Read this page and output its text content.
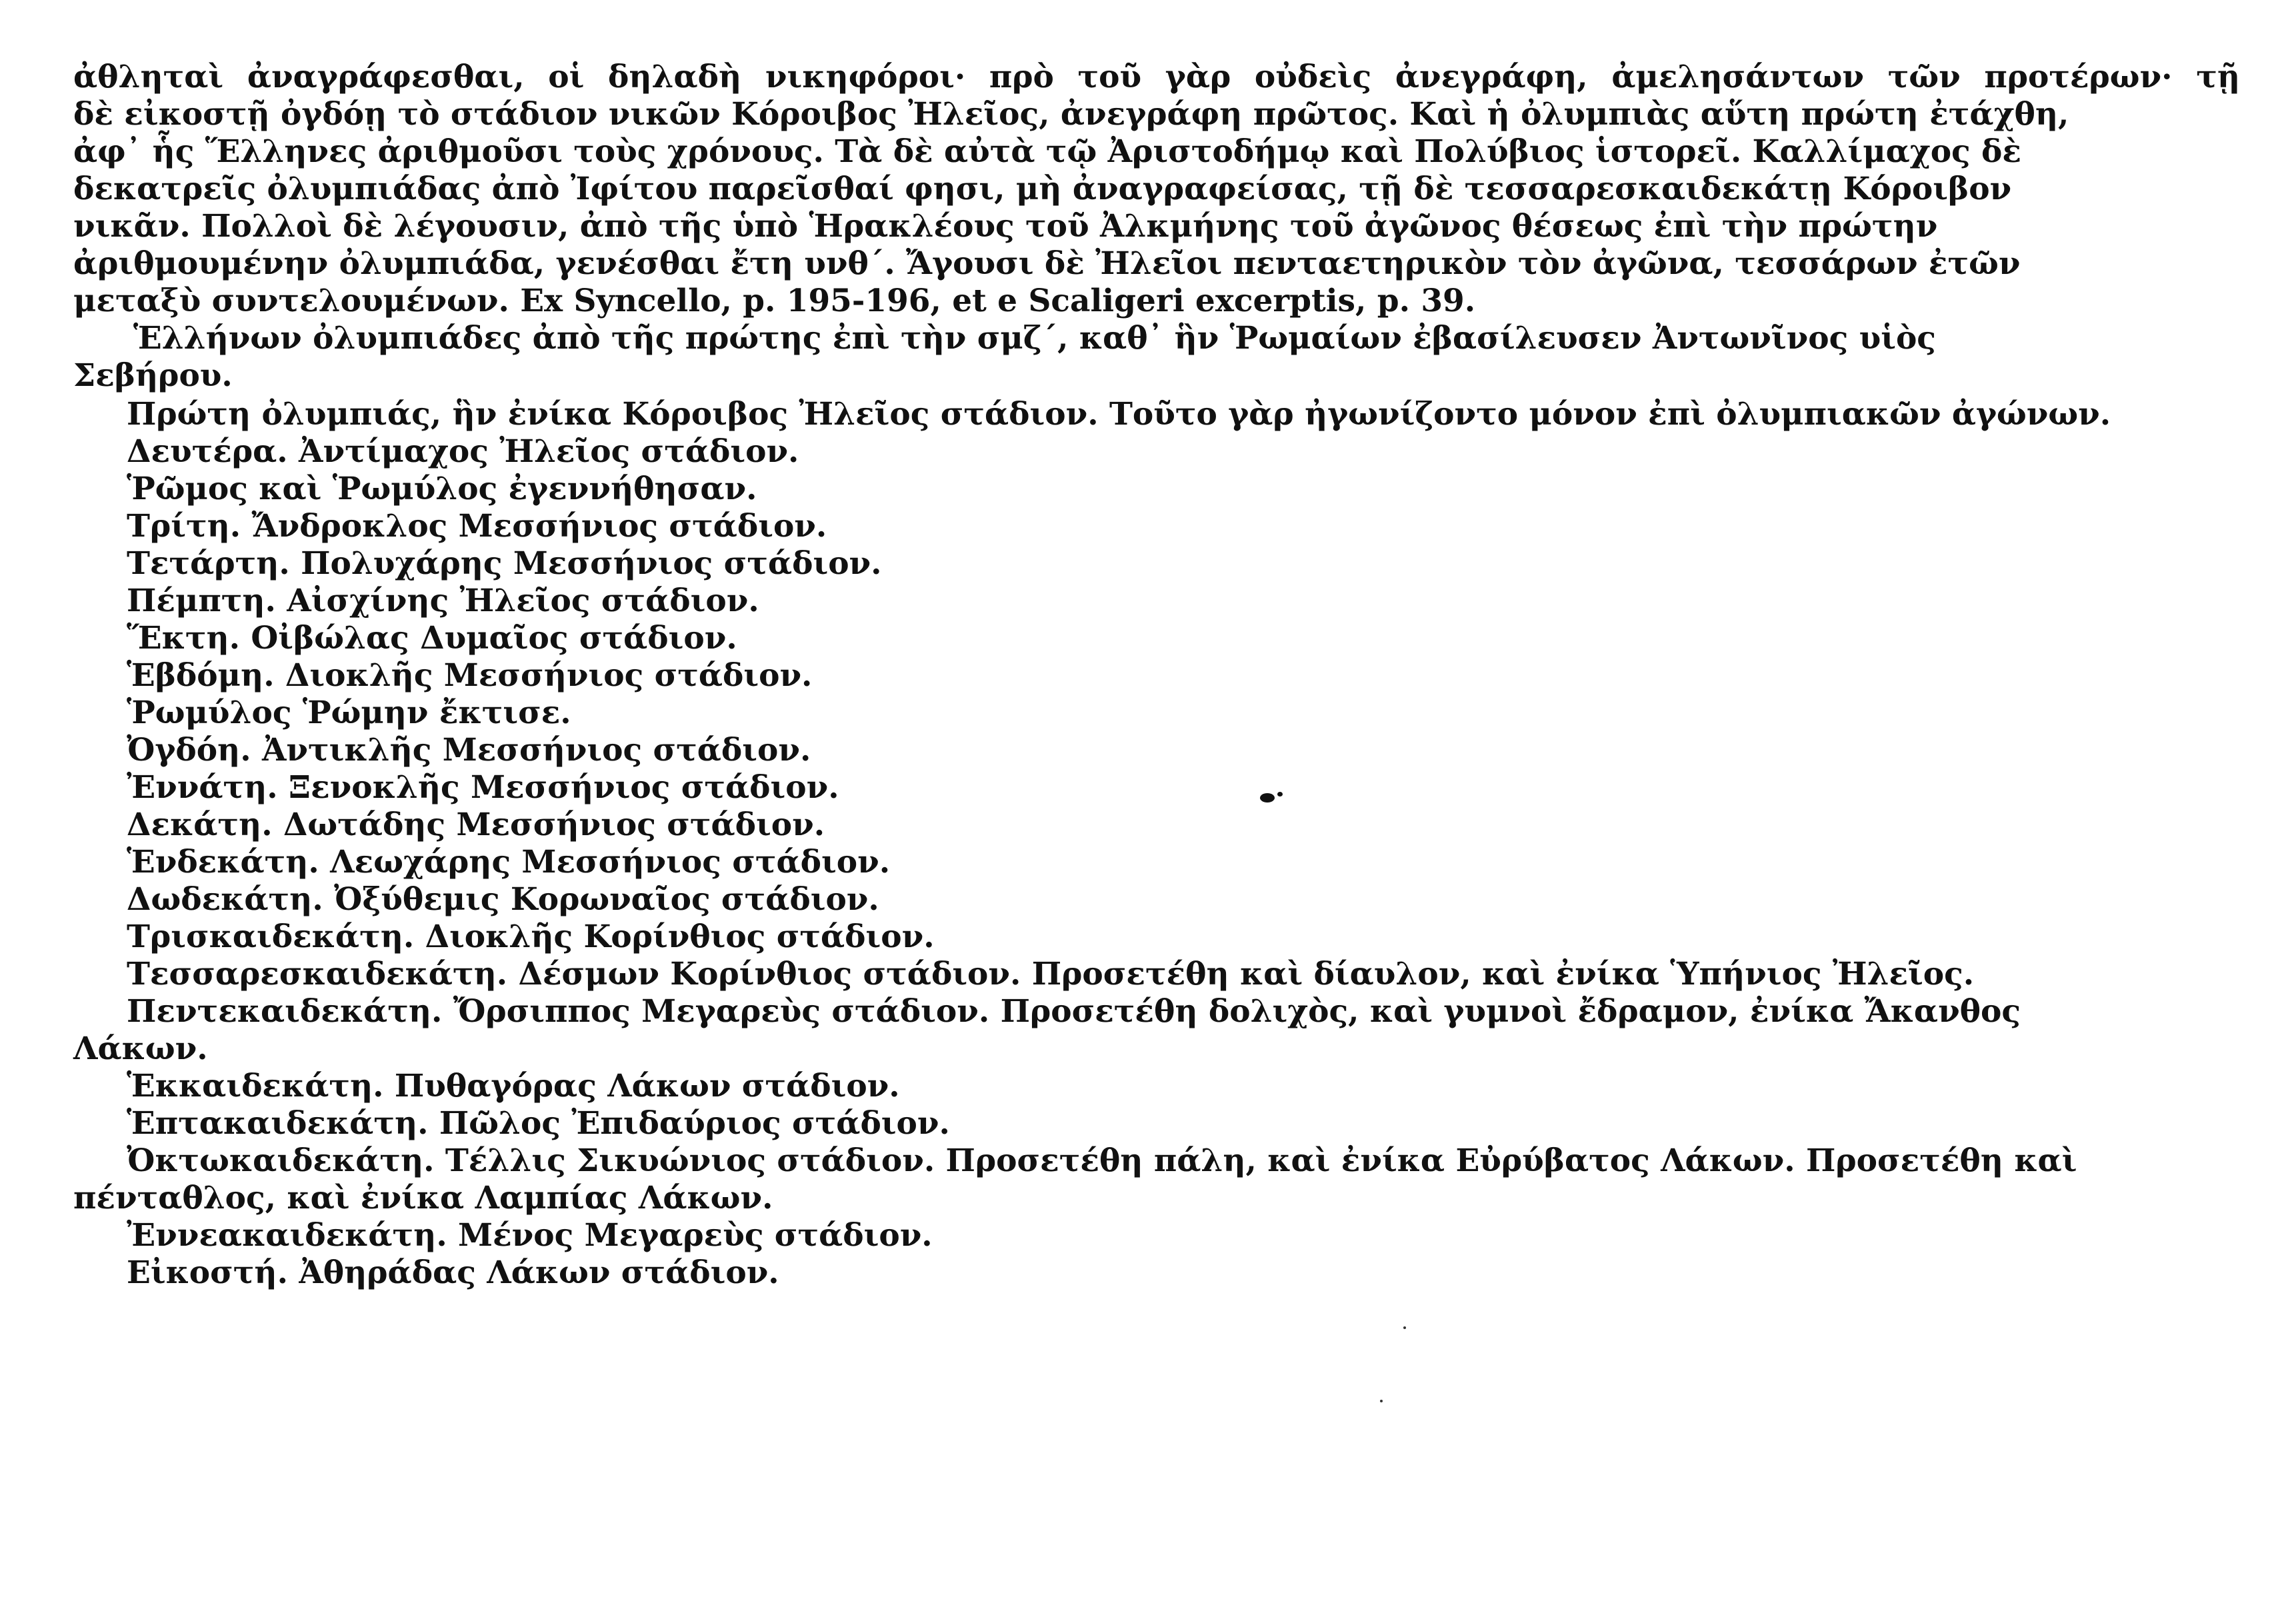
ἀθληταὶ ἀναγράφεσθαι, οἱ δηλαδὴ νικηφόροι· πρὸ τοῦ γὰρ οὐδεὶς ἀνεγράφη, ἀμελησάντων τῶν προτέρων· τῇ
δὲ εἰκοστῇ ὀγδόῃ τὸ στάδιον νικῶν Κόροιβος Ἠλεῖος, ἀνεγράφη πρῶτος. Καὶ ἡ ὀλυμπιὰς αὕτη πρώτη ἐτάχθη,
ἀφ᾽ ἧς Ἕλληνες ἀριθμοῦσι τοὺς χρόνους. Τὰ δὲ αὐτὰ τῷ Ἀριστοδήμῳ καὶ Πολύβιος ἱστορεῖ. Καλλίμαχος δὲ
δεκατρεῖς ὀλυμπιάδας ἀπὸ Ἰφίτου παρεῖσθαί φησι, μὴ ἀναγραφείσας, τῇ δὲ τεσσαρεσκαιδεκάτῃ Κόροιβον
νικᾶν. Πολλοὶ δὲ λέγουσιν, ἀπὸ τῆς ὑπὸ Ἡρακλέους τοῦ Ἀλκμήνης τοῦ ἀγῶνος θέσεως ἐπὶ τὴν πρώτην
ἀριθμουμένην ὀλυμπιάδα, γενέσθαι ἔτη υνθ΄. Ἄγουσι δὲ Ἠλεῖοι πενταετηρικὸν τὸν ἀγῶνα, τεσσάρων ἐτῶν
μεταξὺ συντελουμένων. Ex Syncello, p. 195-196, et e Scaligeri excerptis, p. 39.
Ἑλλήνων ὀλυμπιάδες ἀπὸ τῆς πρώτης ἐπὶ τὴν σμζ΄, καθ᾽ ἣν Ῥωμαίων ἐβασίλευσεν Ἀντωνῖνος υἱὸς
Σεβήρου.
Πρώτη ὀλυμπιάς, ἣν ἐνίκα Κόροιβος Ἠλεῖος στάδιον. Τοῦτο γὰρ ἠγωνίζοντο μόνον ἐπὶ ὀλυμπιακῶν ἀγώνων.
Δευτέρα. Ἀντίμαχος Ἠλεῖος στάδιον.
Ῥῶμος καὶ Ῥωμύλος ἐγεννήθησαν.
Τρίτη. Ἄνδροκλος Μεσσήνιος στάδιον.
Τετάρτη. Πολυχάρης Μεσσήνιος στάδιον.
Πέμπτη. Αἰσχίνης Ἠλεῖος στάδιον.
Ἕκτη. Οἰβώλας Δυμαῖος στάδιον.
Ἑβδόμη. Διοκλῆς Μεσσήνιος στάδιον.
Ῥωμύλος Ῥώμην ἔκτισε.
Ὀγδόη. Ἀντικλῆς Μεσσήνιος στάδιον.
Ἐννάτη. Ξενοκλῆς Μεσσήνιος στάδιον.
Δεκάτη. Δωτάδης Μεσσήνιος στάδιον.
Ἑνδεκάτη. Λεωχάρης Μεσσήνιος στάδιον.
Δωδεκάτη. Ὀξύθεμις Κορωναῖος στάδιον.
Τρισκαιδεκάτη. Διοκλῆς Κορίνθιος στάδιον.
Τεσσαρεσκαιδεκάτη. Δέσμων Κορίνθιος στάδιον. Προσετέθη καὶ δίαυλον, καὶ ἐνίκα Ὑπήνιος Ἠλεῖος.
Πεντεκαιδεκάτη. Ὄρσιππος Μεγαρεὺς στάδιον. Προσετέθη δολιχὸς, καὶ γυμνοὶ ἔδραμον, ἐνίκα Ἄκανθος
Λάκων.
Ἑκκαιδεκάτη. Πυθαγόρας Λάκων στάδιον.
Ἑπτακαιδεκάτη. Πῶλος Ἐπιδαύριος στάδιον.
Ὀκτωκαιδεκάτη. Τέλλις Σικυώνιος στάδιον. Προσετέθη πάλη, καὶ ἐνίκα Εὐρύβατος Λάκων. Προσετέθη καὶ
πένταθλος, καὶ ἐνίκα Λαμπίας Λάκων.
Ἐννεακαιδεκάτη. Μένος Μεγαρεὺς στάδιον.
Εἰκοστή. Ἀθηράδας Λάκων στάδιον.
